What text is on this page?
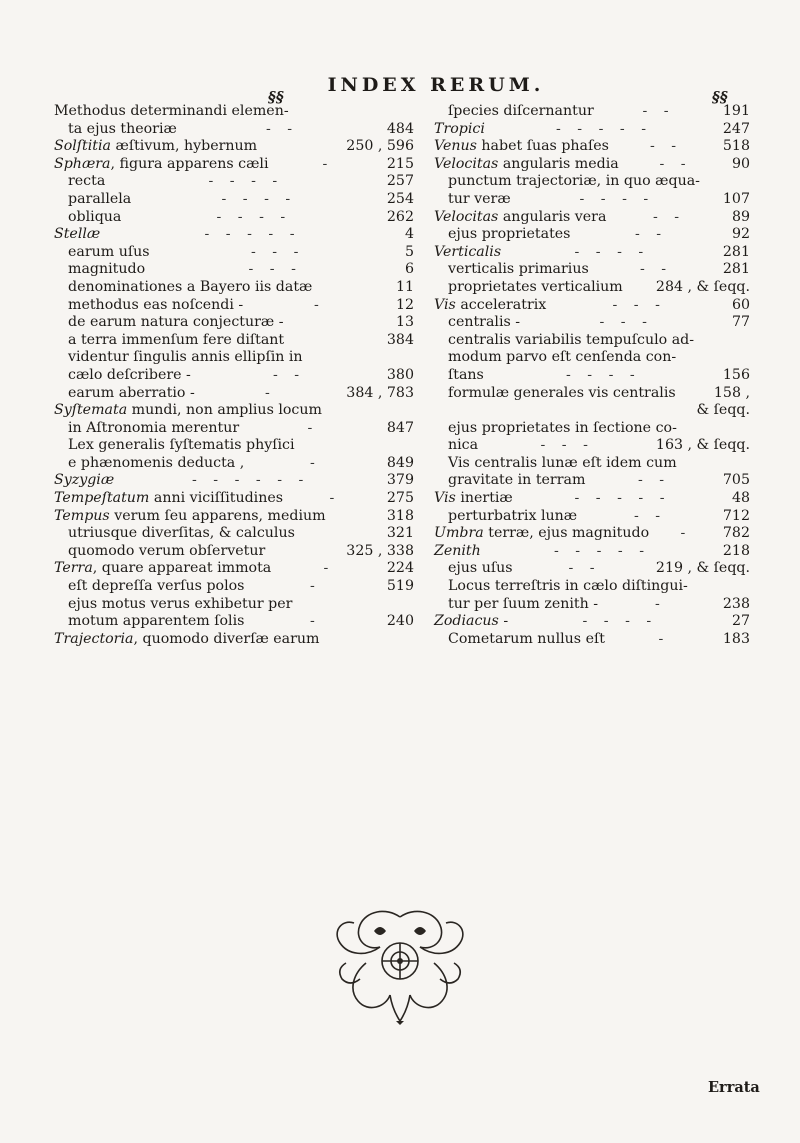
§§
INDEX RERUM.
§§
Methodus determinandi elemen-
ta ejus theoriæ	- -	484
Solſtitia æſtivum, hybernum	250 , 596
Sphæra, figura apparens cæli	-	215
recta	- - - -	257
parallela	- - - -	254
obliqua	- - - -	262
Stellæ	- - - - -	4
earum uſus	- - -	5
magnitudo	- - -	6
denominationes a Bayero iis datæ	11
methodus eas noſcendi -	-	12
de earum natura conjecturæ -	13
a terra immenſum fere diſtant	384
videntur ſingulis annis ellipſin in
cælo deſcribere -	- -	380
earum aberratio -	-	384 , 783
Syſtemata mundi, non amplius locum
in Aſtronomia merentur	-	847
Lex generalis ſyſtematis phyſici
e phænomenis deducta ,	-	849
Syzygiæ	- - - - - -	379
Tempeſtatum anni viciſſitudines	-	275
Tempus verum ſeu apparens, medium	318
utriusque diverſitas, & calculus	321
quomodo verum obſervetur	325 , 338
Terra, quare appareat immota	-	224
eſt depreſſa verſus polos	-	519
ejus motus verus exhibetur per
motum apparentem ſolis	-	240
Trajectoria, quomodo diverſæ earum
ſpecies diſcernantur	- -	191
Tropici	- - - - -	247
Venus habet ſuas phaſes	- -	518
Velocitas angularis media	- -	90
punctum trajectoriæ, in quo æqua-
tur veræ	- - - -	107
Velocitas angularis vera	- -	89
ejus proprietates	- -	92
Verticalis	- - - -	281
verticalis primarius	- -	281
proprietates verticalium 284 , & ſeqq.
Vis acceleratrix	- - -	60
centralis -	- - -	77
centralis variabilis tempuſculo ad-
modum parvo eſt cenſenda con-
ſtans	- - - -	156
formulæ generales vis centralis	158 ,
& ſeqq.
ejus proprietates in ſectione co-
nica	- - -	163 , & ſeqq.
Vis centralis lunæ eſt idem cum
gravitate in terram	- -	705
Vis inertiæ	- - - - -	48
perturbatrix lunæ	- -	712
Umbra terræ, ejus magnitudo - 782
Zenith	- - - - -	218
ejus uſus	- -	219 , & ſeqq.
Locus terreſtris in cælo diſtingui-
tur per ſuum zenith -	-	238
Zodiacus -	- - - -	27
Cometarum nullus eſt	-	183
Errata
